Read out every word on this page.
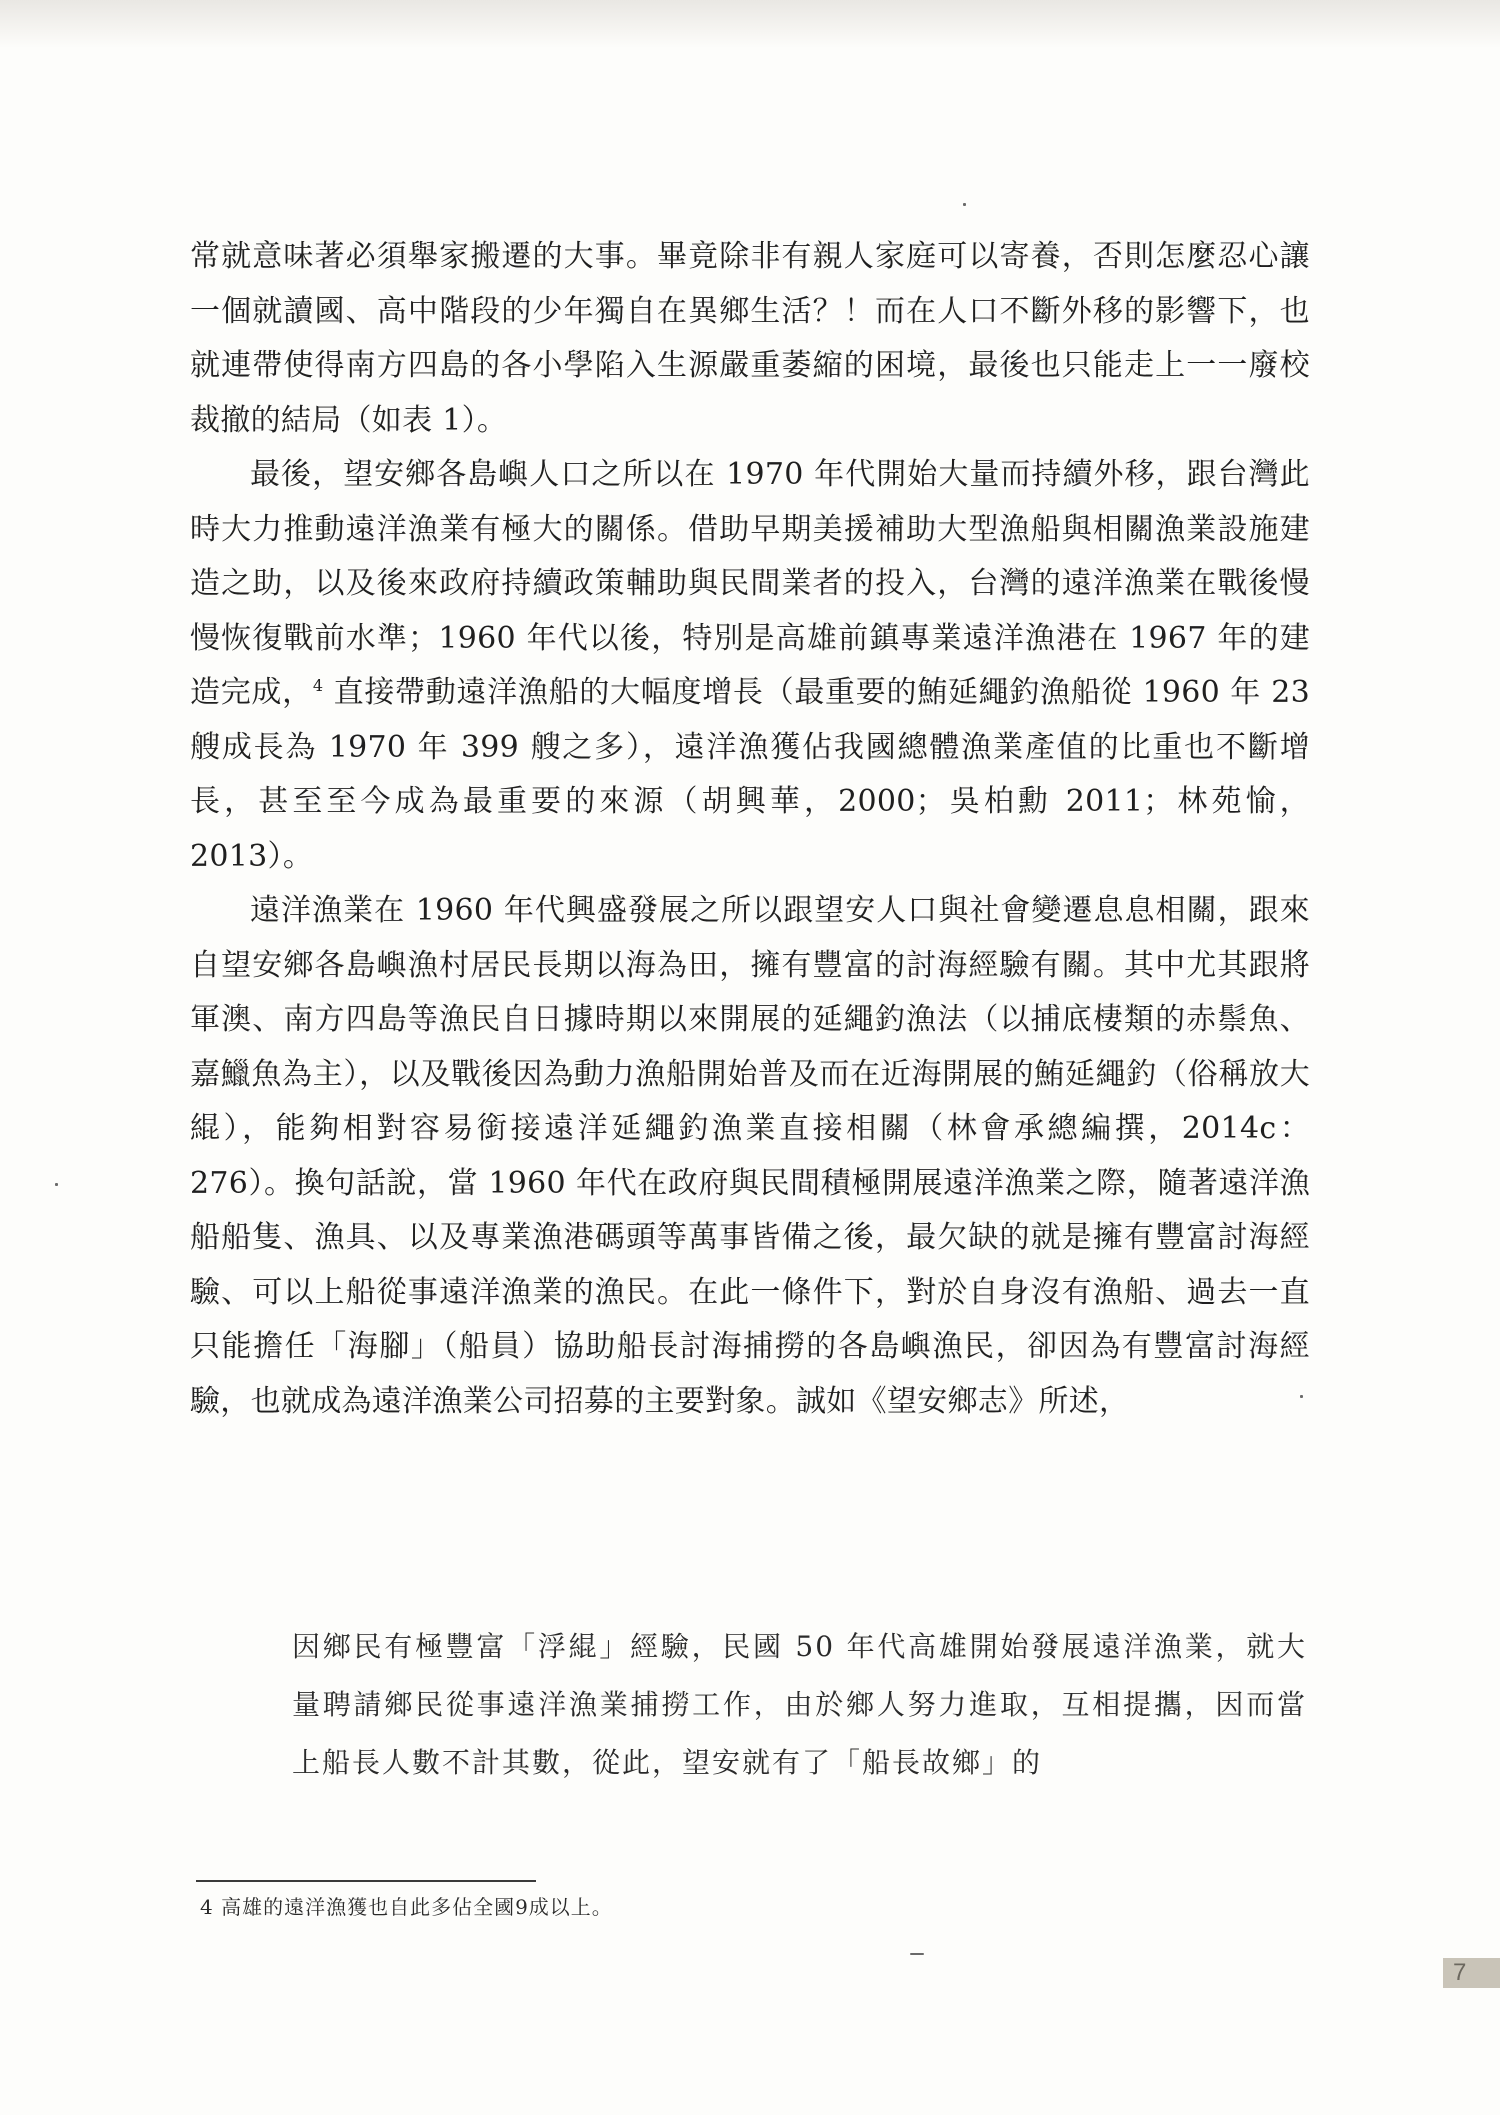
常就意味著必須舉家搬遷的大事。畢竟除非有親人家庭可以寄養，否則怎麼忍心讓一個就讀國、高中階段的少年獨自在異鄉生活？！而在人口不斷外移的影響下，也就連帶使得南方四島的各小學陷入生源嚴重萎縮的困境，最後也只能走上一一廢校裁撤的結局（如表 1）。

最後，望安鄉各島嶼人口之所以在 1970 年代開始大量而持續外移，跟台灣此時大力推動遠洋漁業有極大的關係。借助早期美援補助大型漁船與相關漁業設施建造之助，以及後來政府持續政策輔助與民間業者的投入，台灣的遠洋漁業在戰後慢慢恢復戰前水準；1960 年代以後，特別是高雄前鎮專業遠洋漁港在 1967 年的建造完成，$^4$ 直接帶動遠洋漁船的大幅度增長（最重要的鮪延繩釣漁船從 1960 年 23 艘成長為 1970 年 399 艘之多），遠洋漁獲佔我國總體漁業產值的比重也不斷增長，甚至至今成為最重要的來源（胡興華，2000；吳柏勳 2011；林苑愉，2013）。

遠洋漁業在 1960 年代興盛發展之所以跟望安人口與社會變遷息息相關，跟來自望安鄉各島嶼漁村居民長期以海為田，擁有豐富的討海經驗有關。其中尤其跟將軍澳、南方四島等漁民自日據時期以來開展的延繩釣漁法（以捕底棲類的赤鬃魚、嘉鱲魚為主），以及戰後因為動力漁船開始普及而在近海開展的鮪延繩釣（俗稱放大緄），能夠相對容易銜接遠洋延繩釣漁業直接相關（林會承總編撰，2014c：276）。換句話說，當 1960 年代在政府與民間積極開展遠洋漁業之際，隨著遠洋漁船船隻、漁具、以及專業漁港碼頭等萬事皆備之後，最欠缺的就是擁有豐富討海經驗、可以上船從事遠洋漁業的漁民。在此一條件下，對於自身沒有漁船、過去一直只能擔任「海腳」（船員）協助船長討海捕撈的各島嶼漁民，卻因為有豐富討海經驗，也就成為遠洋漁業公司招募的主要對象。誠如《望安鄉志》所述，

因鄉民有極豐富「浮緄」經驗，民國 50 年代高雄開始發展遠洋漁業，就大量聘請鄉民從事遠洋漁業捕撈工作，由於鄉人努力進取，互相提攜，因而當上船長人數不計其數，從此，望安就有了「船長故鄉」的
4 高雄的遠洋漁獲也自此多佔全國9成以上。
7
